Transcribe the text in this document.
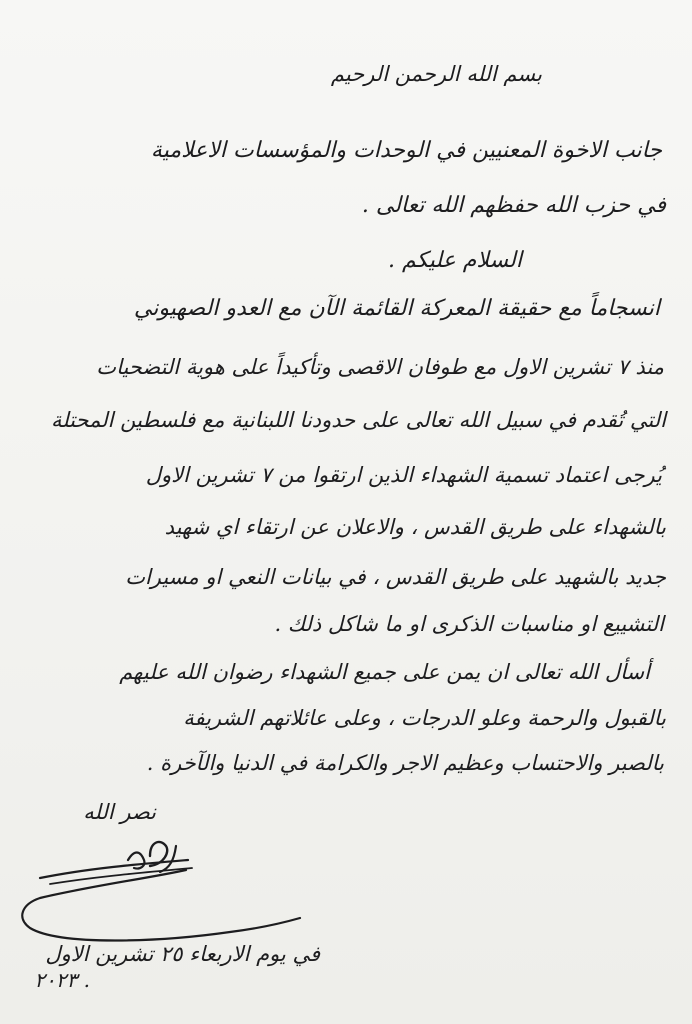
بسم الله الرحمن الرحيم
جانب الاخوة المعنيين في الوحدات والمؤسسات الاعلامية
في حزب الله حفظهم الله تعالى .
السلام عليكم .
انسجاماً مع حقيقة المعركة القائمة الآن مع العدو الصهيوني
منذ ٧ تشرين الاول مع طوفان الاقصى وتأكيداً على هوية التضحيات
التي تُقدم في سبيل الله تعالى على حدودنا اللبنانية مع فلسطين المحتلة
يُرجى اعتماد تسمية الشهداء الذين ارتقوا من ٧ تشرين الاول
بالشهداء على طريق القدس ، والاعلان عن ارتقاء اي شهيد
جديد بالشهيد على طريق القدس ، في بيانات النعي او مسيرات
التشييع او مناسبات الذكرى او ما شاكل ذلك .
أسأل الله تعالى ان يمن على جميع الشهداء رضوان الله عليهم
بالقبول والرحمة وعلو الدرجات ، وعلى عائلاتهم الشريفة
بالصبر والاحتساب وعظيم الاجر والكرامة في الدنيا والآخرة .
نصر الله
في يوم الاربعاء ٢٥ تشرين الاول
٢٠٢٣ .
